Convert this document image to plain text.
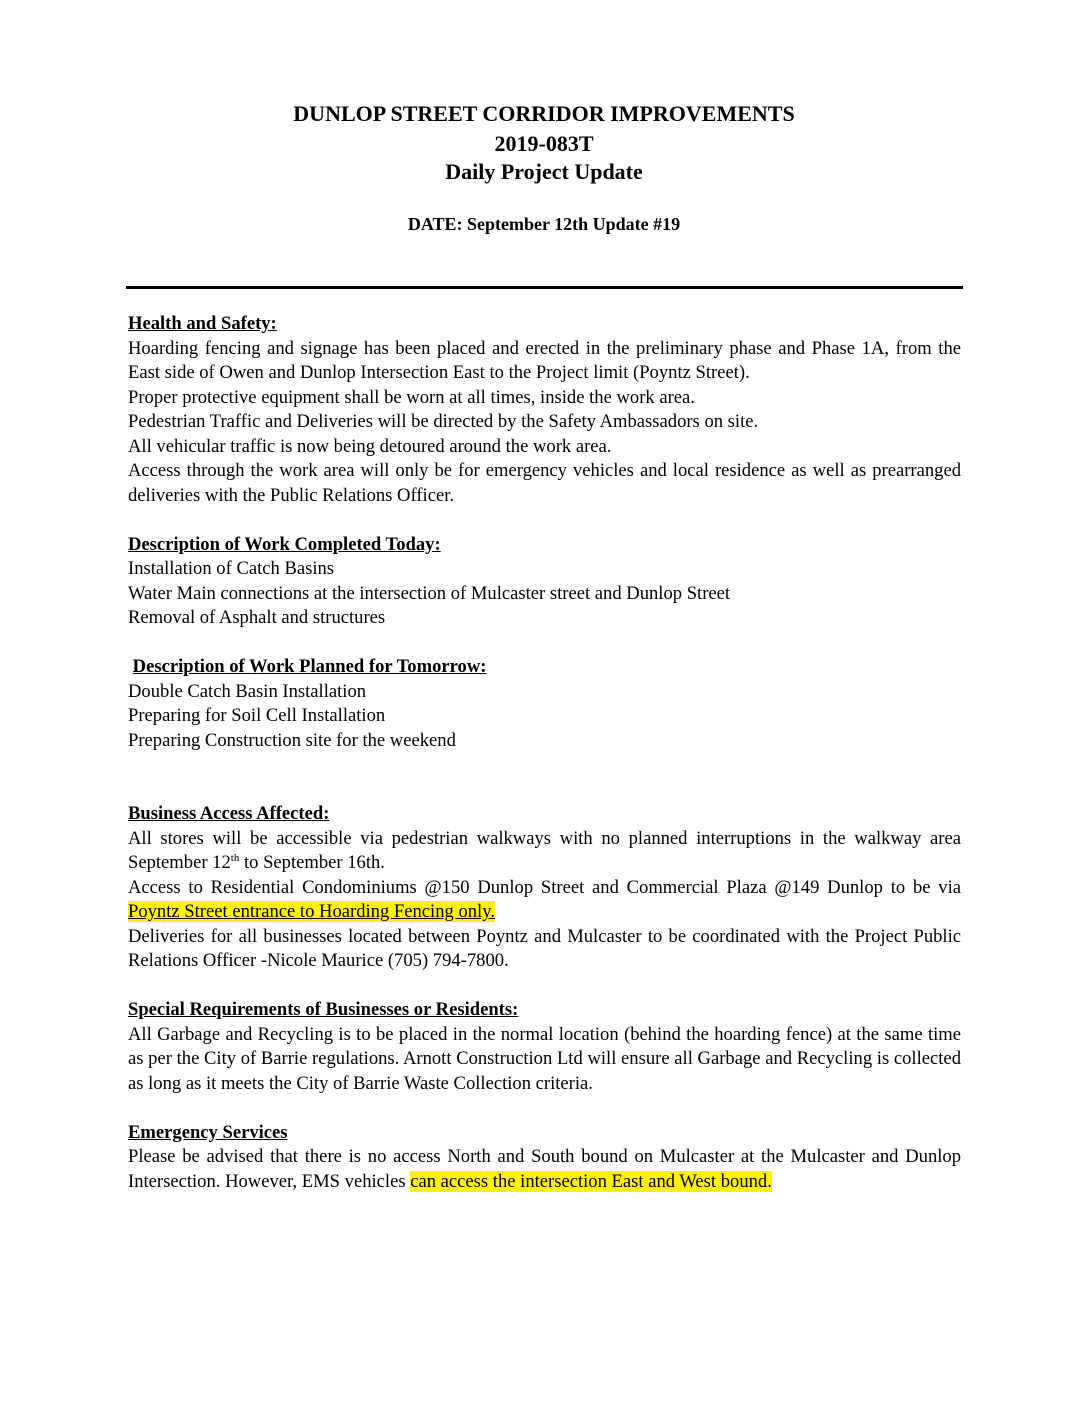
DUNLOP STREET CORRIDOR IMPROVEMENTS
2019-083T
Daily Project Update
DATE: September 12th Update #19
Health and Safety:
Hoarding fencing and signage has been placed and erected in the preliminary phase and Phase 1A, from the East side of Owen and Dunlop Intersection East to the Project limit (Poyntz Street).
Proper protective equipment shall be worn at all times, inside the work area.
Pedestrian Traffic and Deliveries will be directed by the Safety Ambassadors on site.
All vehicular traffic is now being detoured around the work area.
Access through the work area will only be for emergency vehicles and local residence as well as prearranged deliveries with the Public Relations Officer.
Description of Work Completed Today:
Installation of Catch Basins
Water Main connections at the intersection of Mulcaster street and Dunlop Street
Removal of Asphalt and structures
Description of Work Planned for Tomorrow:
Double Catch Basin Installation
Preparing for Soil Cell Installation
Preparing Construction site for the weekend
Business Access Affected:
All stores will be accessible via pedestrian walkways with no planned interruptions in the walkway area September 12th to September 16th.
Access to Residential Condominiums @150 Dunlop Street and Commercial Plaza @149 Dunlop to be via Poyntz Street entrance to Hoarding Fencing only.
Deliveries for all businesses located between Poyntz and Mulcaster to be coordinated with the Project Public Relations Officer -Nicole Maurice (705) 794-7800.
Special Requirements of Businesses or Residents:
All Garbage and Recycling is to be placed in the normal location (behind the hoarding fence) at the same time as per the City of Barrie regulations. Arnott Construction Ltd will ensure all Garbage and Recycling is collected as long as it meets the City of Barrie Waste Collection criteria.
Emergency Services
Please be advised that there is no access North and South bound on Mulcaster at the Mulcaster and Dunlop Intersection. However, EMS vehicles can access the intersection East and West bound.
